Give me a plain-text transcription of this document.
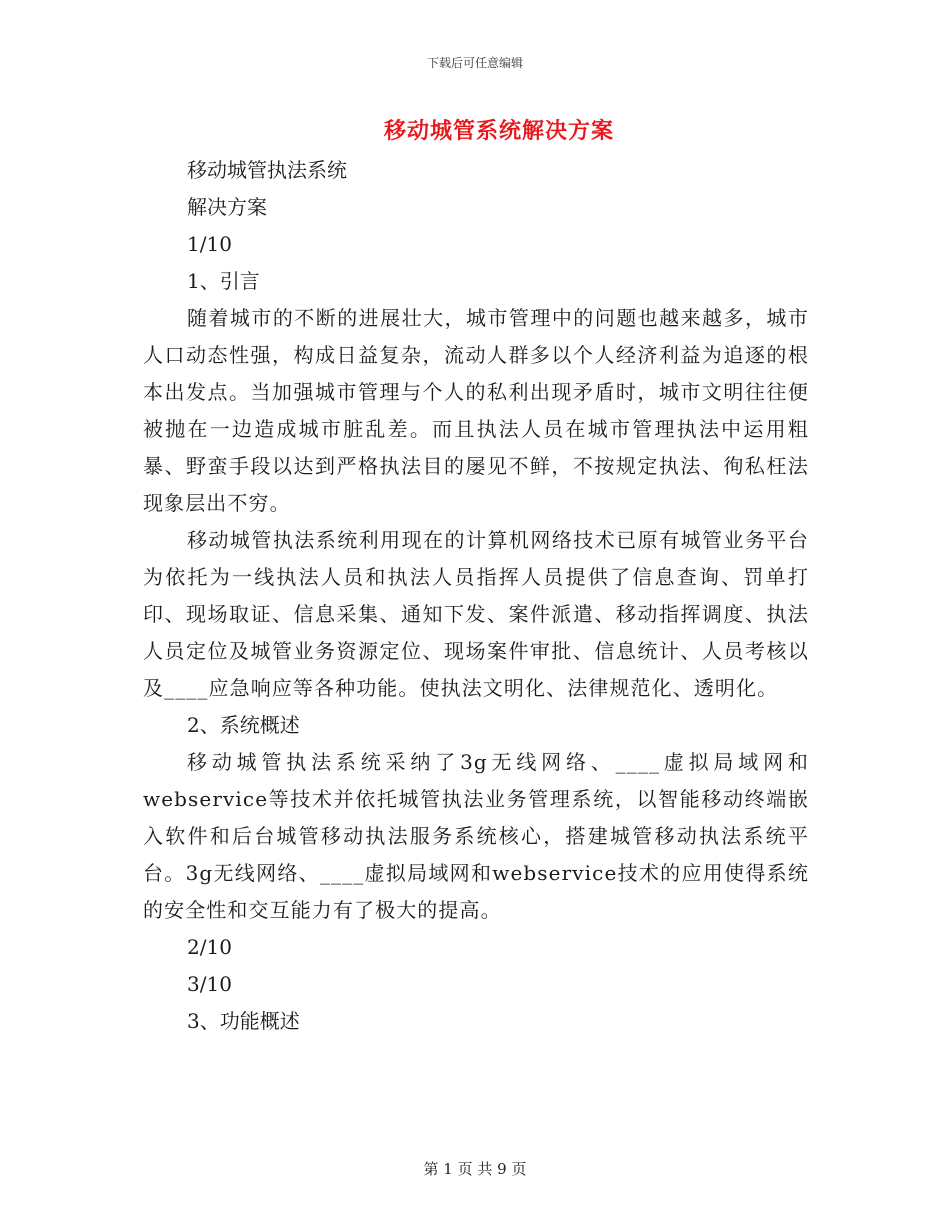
下载后可任意编辑
移动城管系统解决方案

移动城管执法系统

解决方案

1/10

1、引言

随着城市的不断的进展壮大，城市管理中的问题也越来越多，城市人口动态性强，构成日益复杂，流动人群多以个人经济利益为追逐的根本出发点。当加强城市管理与个人的私利出现矛盾时，城市文明往往便被抛在一边造成城市脏乱差。而且执法人员在城市管理执法中运用粗暴、野蛮手段以达到严格执法目的屡见不鲜，不按规定执法、徇私枉法现象层出不穷。

移动城管执法系统利用现在的计算机网络技术已原有城管业务平台为依托为一线执法人员和执法人员指挥人员提供了信息查询、罚单打印、现场取证、信息采集、通知下发、案件派遣、移动指挥调度、执法人员定位及城管业务资源定位、现场案件审批、信息统计、人员考核以及____应急响应等各种功能。使执法文明化、法律规范化、透明化。

2、系统概述

移动城管执法系统采纳了3g无线网络、____虚拟局域网和webservice等技术并依托城管执法业务管理系统，以智能移动终端嵌入软件和后台城管移动执法服务系统核心，搭建城管移动执法系统平台。3g无线网络、____虚拟局域网和webservice技术的应用使得系统的安全性和交互能力有了极大的提高。

2/10

3/10

3、功能概述

第 1 页 共 9 页
